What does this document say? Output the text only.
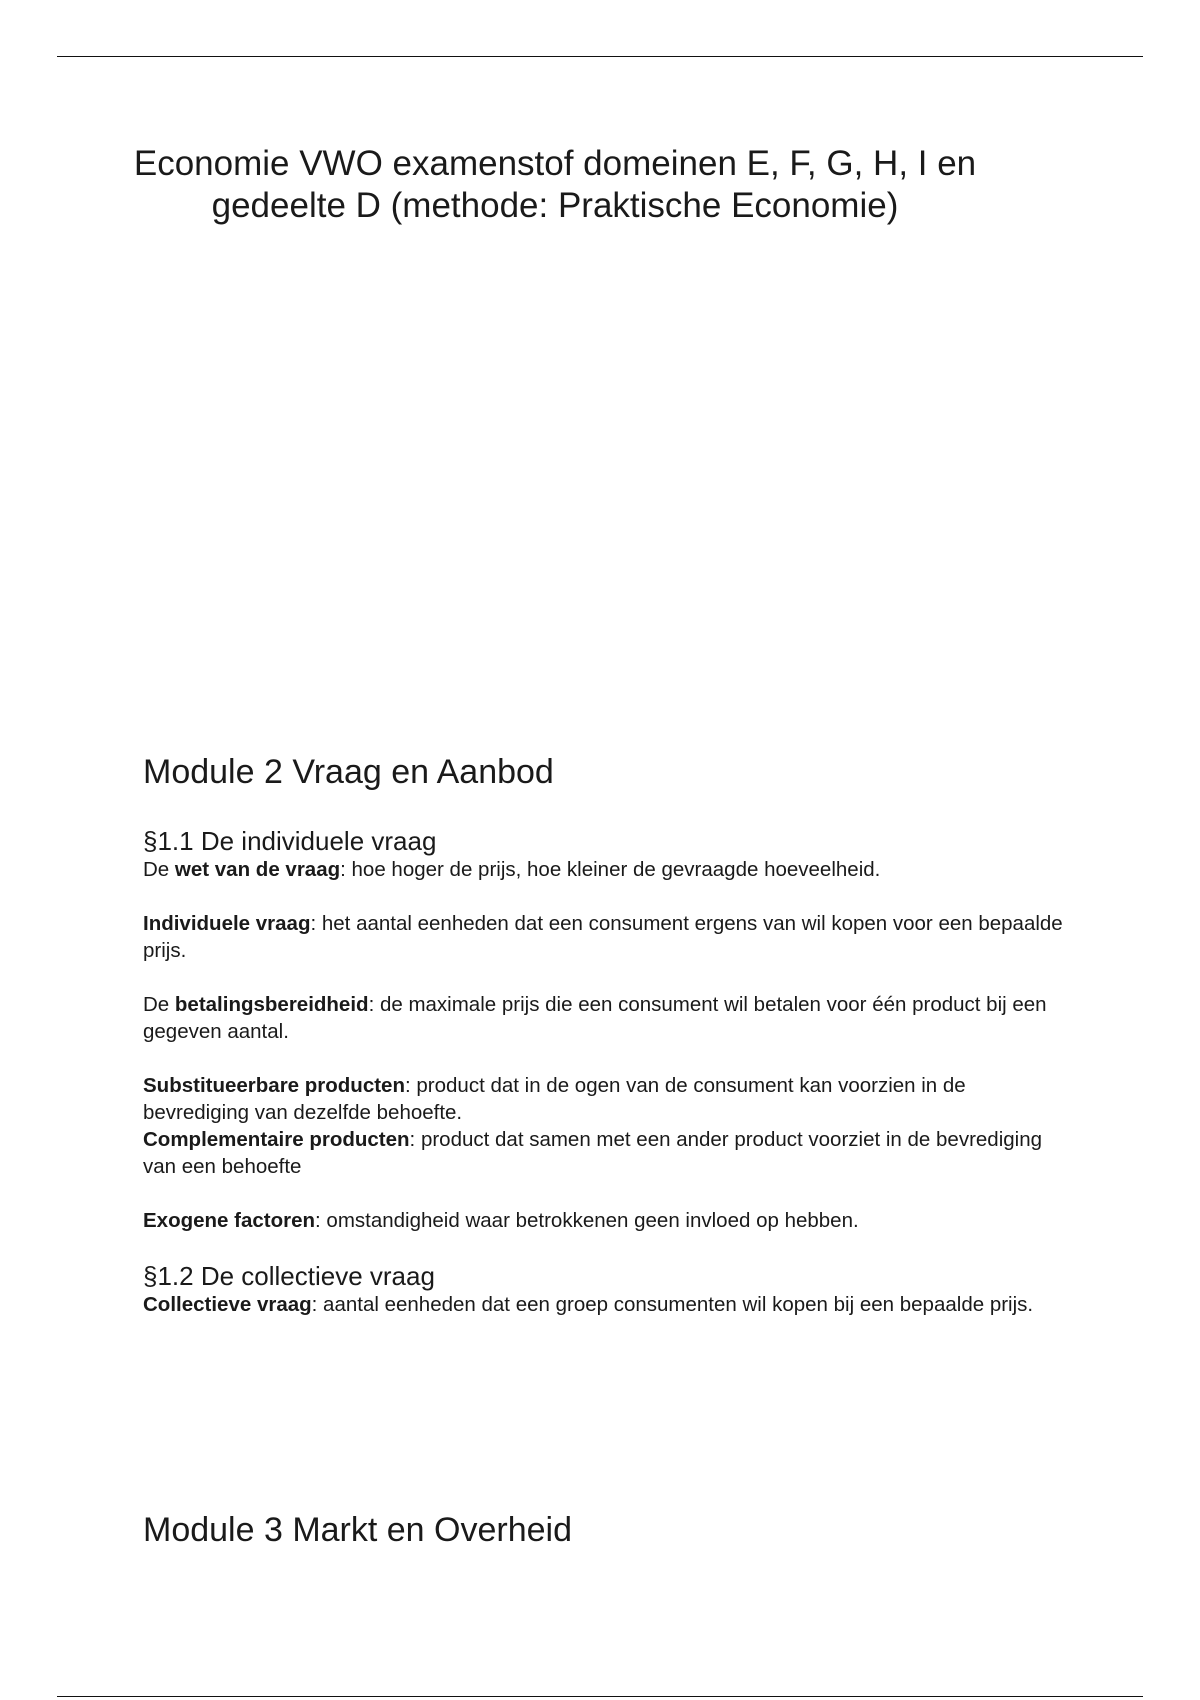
Economie VWO examenstof domeinen E, F, G, H, I en
gedeelte D (methode: Praktische Economie)
Module 2 Vraag en Aanbod
§1.1 De individuele vraag

De wet van de vraag: hoe hoger de prijs, hoe kleiner de gevraagde hoeveelheid.

Individuele vraag: het aantal eenheden dat een consument ergens van wil kopen voor een bepaalde prijs.

De betalingsbereidheid: de maximale prijs die een consument wil betalen voor één product bij een gegeven aantal.

Substitueerbare producten: product dat in de ogen van de consument kan voorzien in de bevrediging van dezelfde behoefte.

Complementaire producten: product dat samen met een ander product voorziet in de bevrediging van een behoefte

Exogene factoren: omstandigheid waar betrokkenen geen invloed op hebben.

§1.2 De collectieve vraag

Collectieve vraag: aantal eenheden dat een groep consumenten wil kopen bij een bepaalde prijs.

Module 3 Markt en Overheid
